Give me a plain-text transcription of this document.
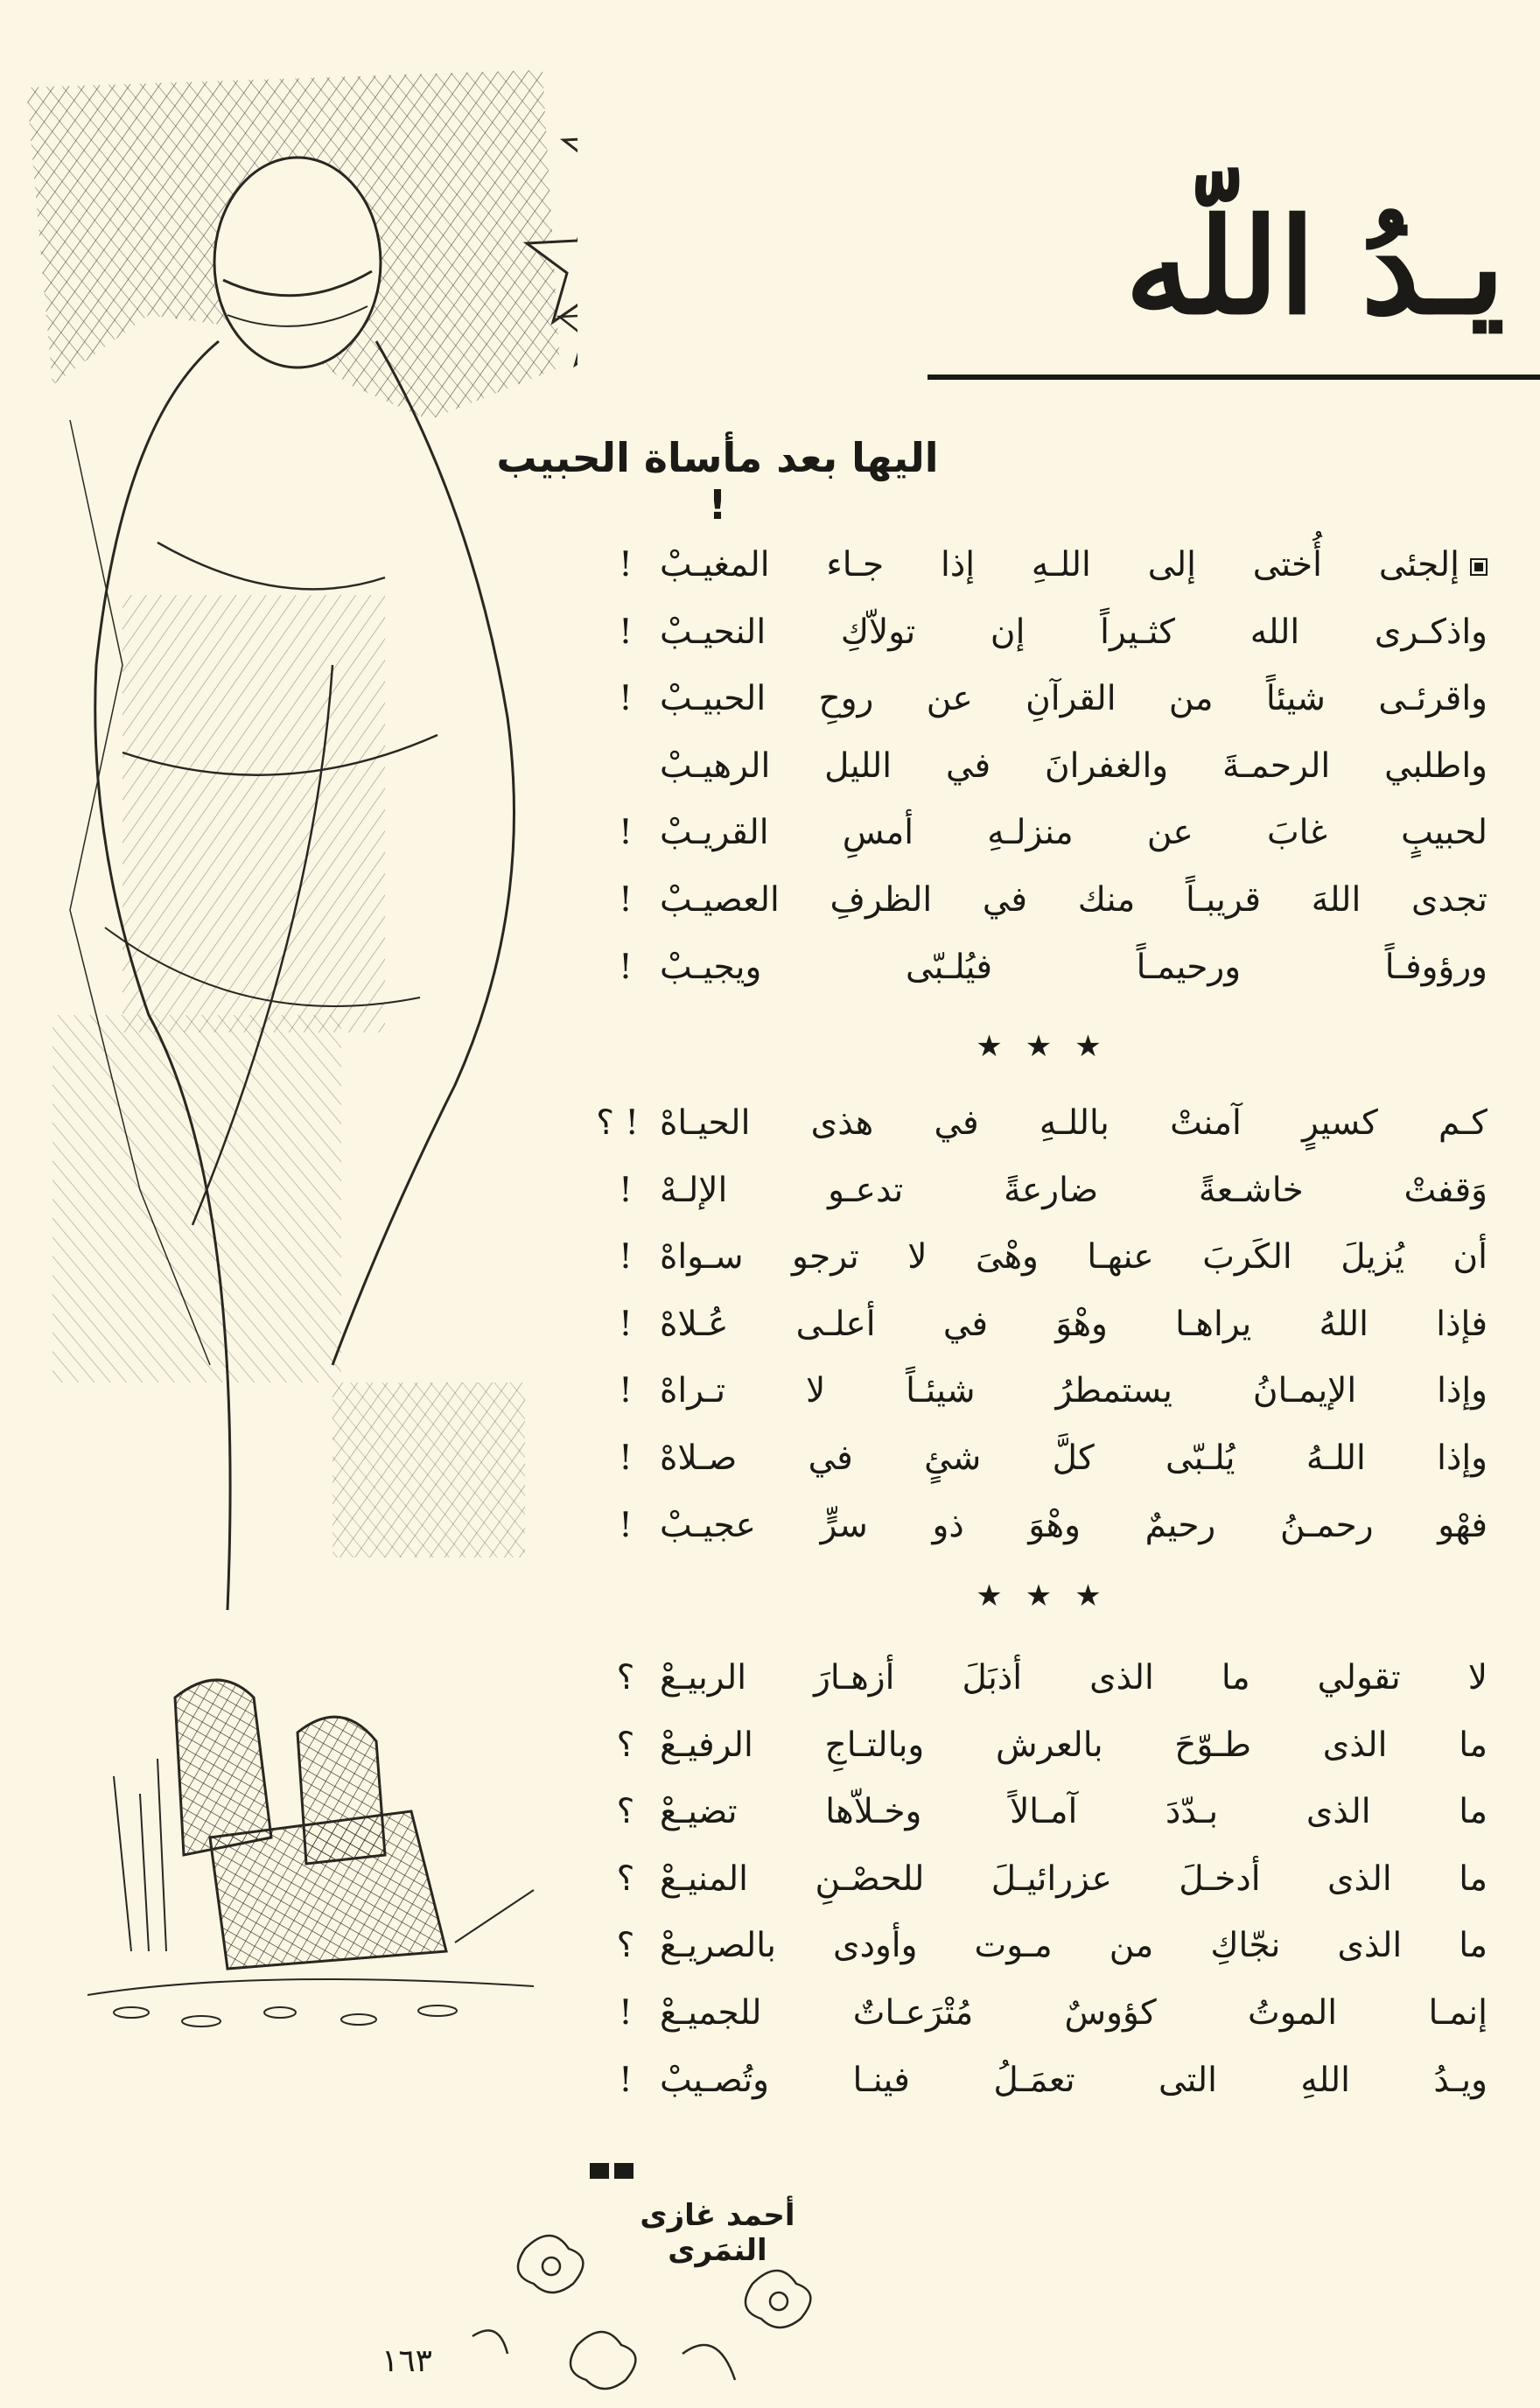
يـدُ اللّه
اليها بعد مأساة الحبيب !
إلجئى أُختى إلى اللـهِ إذا جـاء المغيـبْ
!
واذكـرى الله كثـيراً إن تولاّكِ النحيـبْ
!
واقرئـى شيئاً من القرآنِ عن روحِ الحبيـبْ
!
واطلبي الرحمـةَ والغفرانَ في الليل الرهيـبْ
لحبيبٍ غابَ عن منزلـهِ أمسِ القريـبْ
!
تجدى اللهَ قريبـاً منك في الظرفِ العصيـبْ
!
ورؤوفـاً ورحيمـاً فيُلـبّى ويجيـبْ
!
★★★
كـم كسيرٍ آمنتْ باللـهِ في هذى الحيـاهْ
! ؟
وَقفتْ خاشـعةً ضارعةً تدعـو الإلـهْ
!
أن يُزيلَ الكَربَ عنهـا وهْىَ لا ترجو سـواهْ
!
فإذا اللهُ يراهـا وهْوَ في أعلـى عُـلاهْ
!
وإذا الإيمـانُ يستمطرُ شيئـاً لا تـراهْ
!
وإذا اللـهُ يُلـبّى كلَّ شئٍ في صـلاهْ
!
فهْو رحمـنُ رحيمٌ وهْوَ ذو سرٍّ عجيـبْ
!
★★★
لا تقولي ما الذى أذبَلَ أزهـارَ الربيـعْ
؟
ما الذى طـوّحَ بالعرش وبالتـاجِ الرفيـعْ
؟
ما الذى بـدّدَ آمـالاً وخـلاّها تضيـعْ
؟
ما الذى أدخـلَ عزرائيـلَ للحصْـنِ المنيـعْ
؟
ما الذى نجّاكِ من مـوت وأودى بالصريـعْ
؟
إنمـا الموتُ كؤوسٌ مُتْرَعـاتٌ للجميـعْ
!
ويـدُ اللهِ التى تعمَـلُ فينـا وتُصـيبْ
!
أحمد غازى النمَرى
١٦٣
